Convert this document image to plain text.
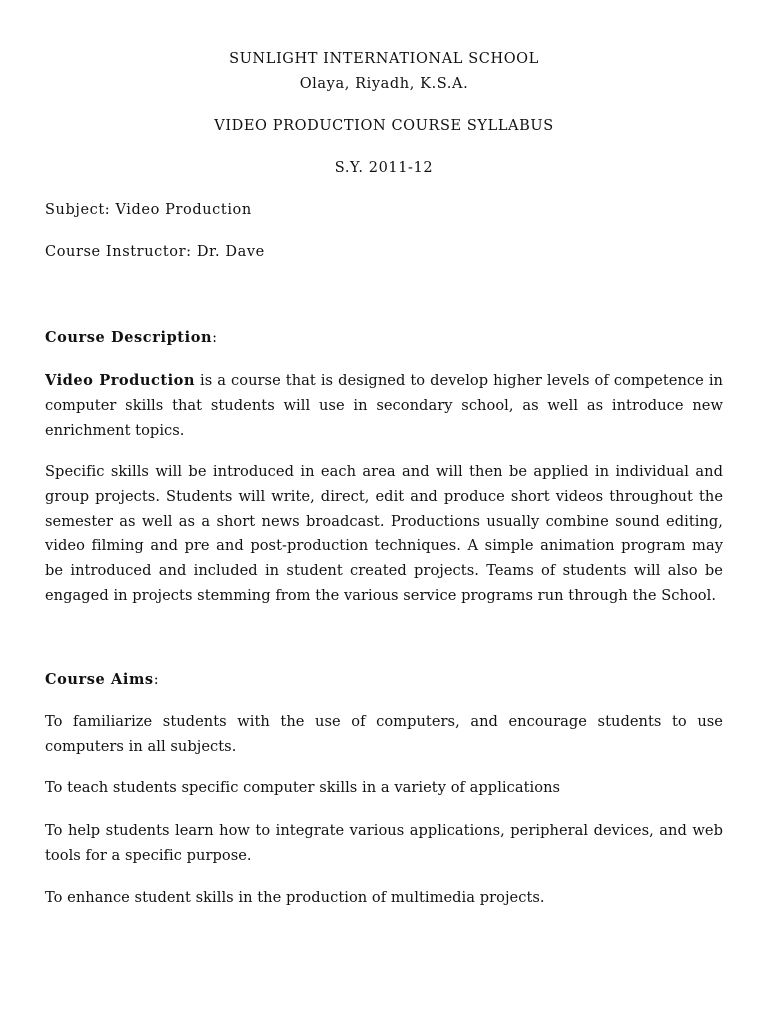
SUNLIGHT INTERNATIONAL SCHOOL
Olaya, Riyadh, K.S.A.
VIDEO PRODUCTION COURSE SYLLABUS
S.Y. 2011-12
Subject: Video Production
Course Instructor: Dr. Dave
Course Description:
Video Production is a course that is designed to develop higher levels of competence in computer skills that students will use in secondary school, as well as introduce new enrichment topics.
Specific skills will be introduced in each area and will then be applied in individual and group projects. Students will write, direct, edit and produce short videos throughout the semester as well as a short news broadcast. Productions usually combine sound editing, video filming and pre and post-production techniques. A simple animation program may be introduced and included in student created projects. Teams of students will also be engaged in projects stemming from the various service programs run through the School.
Course Aims:
To familiarize students with the use of computers, and encourage students to use computers in all subjects.
To teach students specific computer skills in a variety of applications
To help students learn how to integrate various applications, peripheral devices, and web tools for a specific purpose.
To enhance student skills in the production of multimedia projects.
